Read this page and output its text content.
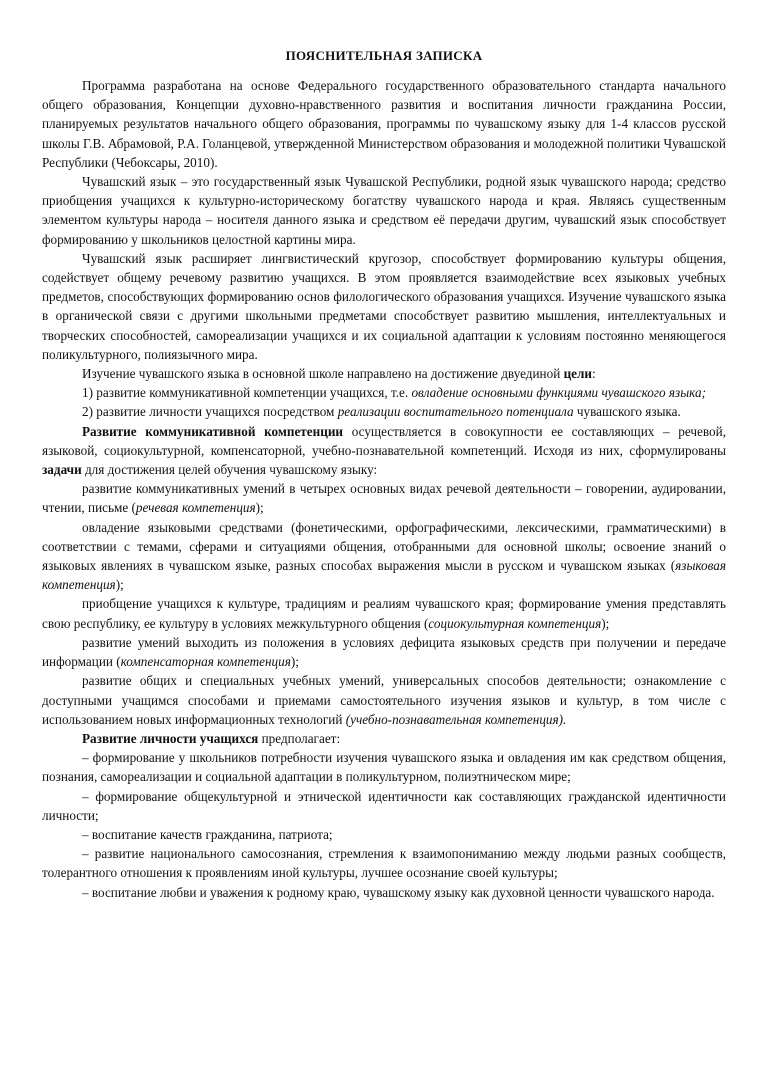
ПОЯСНИТЕЛЬНАЯ ЗАПИСКА

Программа разработана на основе Федерального государственного образовательного стандарта начального общего образования, Концепции духовно-нравственного развития и воспитания личности гражданина России, планируемых результатов начального общего образования, программы по чувашскому языку для 1-4 классов русской школы Г.В. Абрамовой, Р.А. Голанцевой, утвержденной Министерством образования и молодежной политики Чувашской Республики (Чебоксары, 2010).

Чувашский язык – это государственный язык Чувашской Республики, родной язык чувашского народа; средство приобщения учащихся к культурно-историческому богатству чувашского народа и края. Являясь существенным элементом культуры народа – носителя данного языка и средством её передачи другим, чувашский язык способствует формированию у школьников целостной картины мира.

Чувашский язык расширяет лингвистический кругозор, способствует формированию культуры общения, содействует общему речевому развитию учащихся. В этом проявляется взаимодействие всех языковых учебных предметов, способствующих формированию основ филологического образования учащихся. Изучение чувашского языка в органической связи с другими школьными предметами способствует развитию мышления, интеллектуальных и творческих способностей, самореализации учащихся и их социальной адаптации к условиям постоянно меняющегося поликультурного, полиязычного мира.

Изучение чувашского языка в основной школе направлено на достижение двуединой цели:

1) развитие коммуникативной компетенции учащихся, т.е. овладение основными функциями чувашского языка;

2) развитие личности учащихся посредством реализации воспитательного потенциала чувашского языка.

Развитие коммуникативной компетенции осуществляется в совокупности ее составляющих – речевой, языковой, социокультурной, компенсаторной, учебно-познавательной компетенций. Исходя из них, сформулированы задачи для достижения целей обучения чувашскому языку:

развитие коммуникативных умений в четырех основных видах речевой деятельности – говорении, аудировании, чтении, письме (речевая компетенция);

овладение языковыми средствами (фонетическими, орфографическими, лексическими, грамматическими) в соответствии с темами, сферами и ситуациями общения, отобранными для основной школы; освоение знаний о языковых явлениях в чувашском языке, разных способах выражения мысли в русском и чувашском языках (языковая компетенция);

приобщение учащихся к культуре, традициям и реалиям чувашского края; формирование умения представлять свою республику, ее культуру в условиях межкультурного общения (социокультурная компетенция);

развитие умений выходить из положения в условиях дефицита языковых средств при получении и передаче информации (компенсаторная компетенция);

развитие общих и специальных учебных умений, универсальных способов деятельности; ознакомление с доступными учащимся способами и приемами самостоятельного изучения языков и культур, в том числе с использованием новых информационных технологий (учебно-познавательная компетенция).

Развитие личности учащихся предполагает:

– формирование у школьников потребности изучения чувашского языка и овладения им как средством общения, познания, самореализации и социальной адаптации в поликультурном, полиэтническом мире;

– формирование общекультурной и этнической идентичности как составляющих гражданской идентичности личности;

– воспитание качеств гражданина, патриота;

– развитие национального самосознания, стремления к взаимопониманию между людьми разных сообществ, толерантного отношения к проявлениям иной культуры, лучшее осознание своей культуры;

– воспитание любви и уважения к родному краю, чувашскому языку как духовной ценности чувашского народа.
